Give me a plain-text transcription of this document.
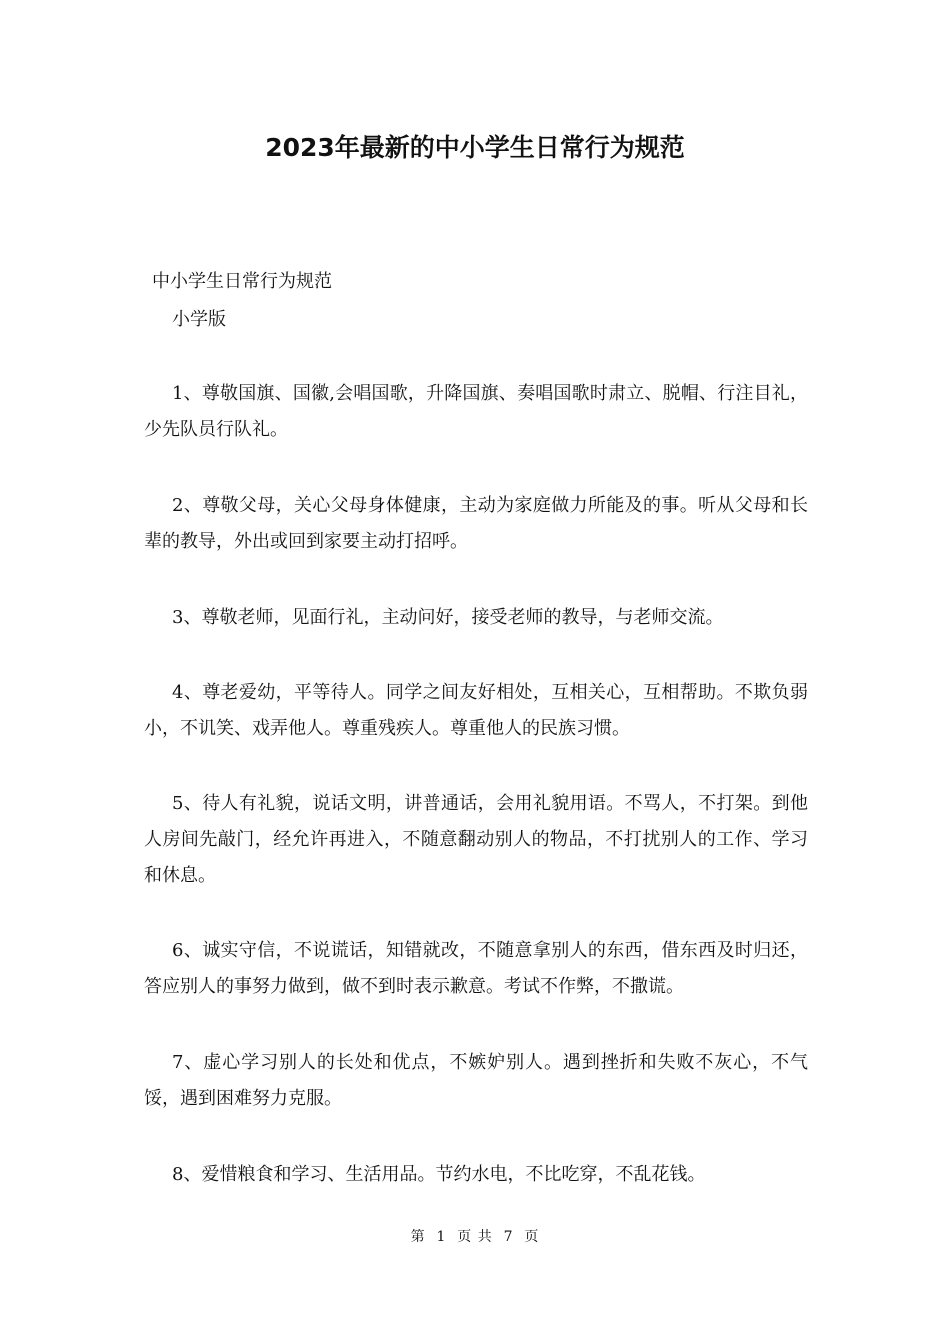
2023年最新的中小学生日常行为规范
中小学生日常行为规范
小学版

1、尊敬国旗、国徽,会唱国歌，升降国旗、奏唱国歌时肃立、脱帽、行注目礼，少先队员行队礼。

2、尊敬父母，关心父母身体健康，主动为家庭做力所能及的事。听从父母和长辈的教导，外出或回到家要主动打招呼。

3、尊敬老师，见面行礼，主动问好，接受老师的教导，与老师交流。

4、尊老爱幼，平等待人。同学之间友好相处，互相关心，互相帮助。不欺负弱小，不讥笑、戏弄他人。尊重残疾人。尊重他人的民族习惯。

5、待人有礼貌，说话文明，讲普通话，会用礼貌用语。不骂人，不打架。到他人房间先敲门，经允许再进入，不随意翻动别人的物品，不打扰别人的工作、学习和休息。

6、诚实守信，不说谎话，知错就改，不随意拿别人的东西，借东西及时归还，答应别人的事努力做到，做不到时表示歉意。考试不作弊，不撒谎。

7、虚心学习别人的长处和优点，不嫉妒别人。遇到挫折和失败不灰心，不气馁，遇到困难努力克服。

8、爱惜粮食和学习、生活用品。节约水电，不比吃穿，不乱花钱。

第  1  页 共  7  页
